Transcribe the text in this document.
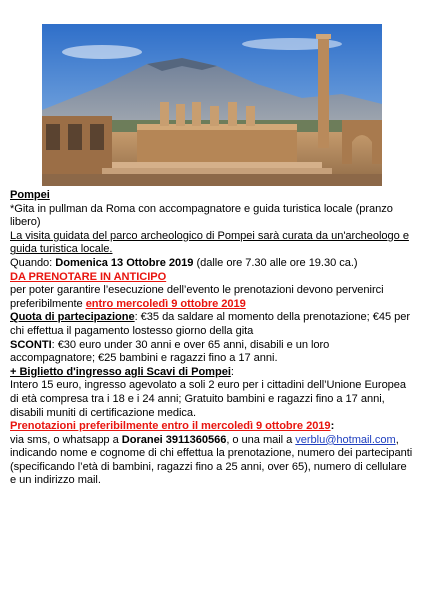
Pompei

*Gita in pullman da Roma con accompagnatore e guida turistica locale (pranzo libero)

La visita guidata del parco archeologico di Pompei sarà curata da un'archeologo e guida turistica locale.

Quando: Domenica 13 Ottobre 2019 (dalle ore 7.30 alle ore 19.30 ca.)

DA PRENOTARE IN ANTICIPO

per poter garantire l’esecuzione dell’evento le prenotazioni devono pervenirci preferibilmente entro mercoledì 9 ottobre 2019

Quota di partecipazione: €35 da saldare al momento della prenotazione; €45 per chi effettua il pagamento lostesso giorno della gita

SCONTI: €30 euro under 30 anni e over 65 anni, disabili e un loro accompagnatore; €25 bambini e ragazzi fino a 17 anni.

+ Biglietto d'ingresso agli Scavi di Pompei:

Intero 15 euro, ingresso agevolato a soli 2 euro per i cittadini dell’Unione Europea di età compresa tra i 18 e i 24 anni; Gratuito bambini e ragazzi fino a 17 anni, disabili muniti di certificazione medica.

Prenotazioni preferibilmente entro il mercoledì 9 ottobre 2019:

via sms, o whatsapp a Doranei 3911360566, o una mail a verblu@hotmail.com, indicando nome e cognome di chi effettua la prenotazione, numero dei partecipanti (specificando l’età di bambini, ragazzi fino a 25 anni, over 65), numero di cellulare e un indirizzo mail.
